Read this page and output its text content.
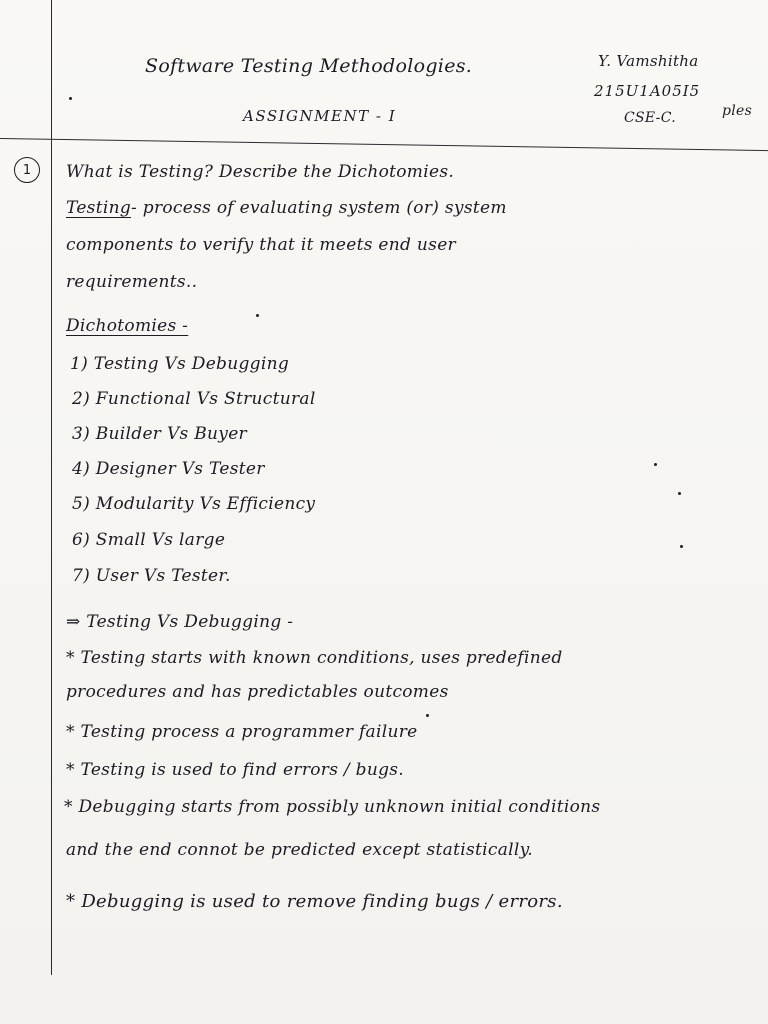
Software Testing Methodologies.
ASSIGNMENT - I
Y. Vamshitha
215U1A05I5
CSE-C.	ples
1 What is Testing? Describe the Dichotomies.
Testing- process of evaluating system (or) system
components to verify that it meets end user
requirements..
Dichotomies -
1) Testing Vs Debugging
2) Functional Vs Structural
3) Builder Vs Buyer
4) Designer Vs Tester
5) Modularity Vs Efficiency
6) Small Vs large
7) User Vs Tester.
⇒ Testing Vs Debugging -
* Testing starts with known conditions, uses predefined
procedures and has predictables outcomes
* Testing process a programmer failure
* Testing is used to find errors / bugs.
* Debugging starts from possibly unknown initial conditions
and the end connot be predicted except statistically.
* Debugging is used to remove finding bugs / errors.
